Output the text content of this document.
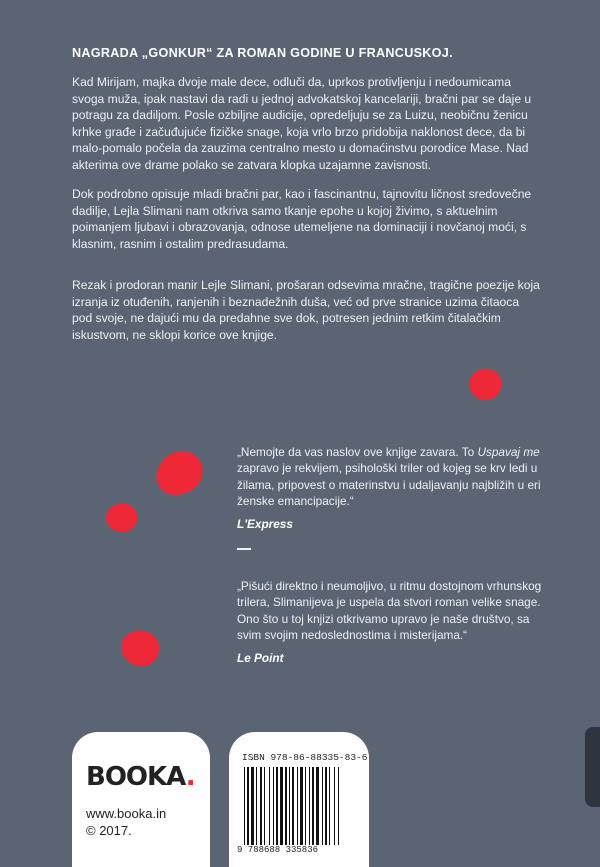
NAGRADA „GONKUR“ ZA ROMAN GODINE U FRANCUSKOJ.
Kad Mirijam, majka dvoje male dece, odluči da, uprkos protivljenju i nedoumicama svoga muža, ipak nastavi da radi u jednoj advokatskoj kancelariji, bračni par se daje u potragu za dadiljom. Posle ozbiljne audicije, opredeljuju se za Luizu, neobičnu ženicu krhke građe i začuđujuće fizičke snage, koja vrlo brzo pridobija naklonost dece, da bi malo-pomalo počela da zauzima centralno mesto u domaćinstvu porodice Mase. Nad akterima ove drame polako se zatvara klopka uzajamne zavisnosti.
Dok podrobno opisuje mladi bračni par, kao i fascinantnu, tajnovitu ličnost sredovečne dadilje, Lejla Slimani nam otkriva samo tkanje epohe u kojoj živimo, s aktuelnim poimanjem ljubavi i obrazovanja, odnose utemeljene na dominaciji i novčanoj moći, s klasnim, rasnim i ostalim predrasudama.
Rezak i prodoran manir Lejle Slimani, prošaran odsevima mračne, tragične poezije koja izranja iz otuđenih, ranjenih i beznadežnih duša, već od prve stranice uzima čitaoca pod svoje, ne dajući mu da predahne sve dok, potresen jednim retkim čitalačkim iskustvom, ne sklopi korice ove knjige.
„Nemojte da vas naslov ove knjige zavara. To Uspavaj me zapravo je rekvijem, psihološki triler od kojeg se krv ledi u žilama, pripovest o materinstvu i udaljavanju najbližih u eri ženske emancipacije.“
L'Express
„Pišući direktno i neumoljivo, u ritmu dostojnom vrhunskog trilera, Slimanijeva je uspela da stvori roman velike snage. Ono što u toj knjizi otkrivamo upravo je naše društvo, sa svim svojim nedoslednostima i misterijama.“
Le Point
BOOKA.
www.booka.in
© 2017.
ISBN 978-86-88335-83-6
9 788688 335836
